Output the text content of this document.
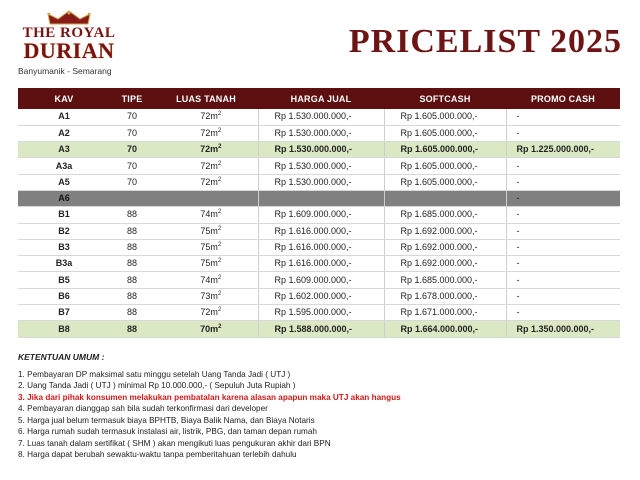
THE ROYAL
DURIAN
Banyumanik - Semarang
PRICELIST 2025
KAV	TIPE	LUAS TANAH	HARGA JUAL	SOFTCASH	PROMO CASH
A1	70	$72m^2$	Rp 1.530.000.000,-	Rp 1.605.000.000,-	-
A2	70	$72m^2$	Rp 1.530.000.000,-	Rp 1.605.000.000,-	-
A3	70	$72m^2$	Rp 1.530.000.000,-	Rp 1.605.000.000,-	Rp 1.225.000.000,-
A3a	70	$72m^2$	Rp 1.530.000.000,-	Rp 1.605.000.000,-	-
A5	70	$72m^2$	Rp 1.530.000.000,-	Rp 1.605.000.000,-	-
A6					-
B1	88	$74m^2$	Rp 1.609.000.000,-	Rp 1.685.000.000,-	-
B2	88	$75m^2$	Rp 1.616.000.000,-	Rp 1.692.000.000,-	-
B3	88	$75m^2$	Rp 1.616.000.000,-	Rp 1.692.000.000,-	-
B3a	88	$75m^2$	Rp 1.616.000.000,-	Rp 1.692.000.000,-	-
B5	88	$74m^2$	Rp 1.609.000.000,-	Rp 1.685.000.000,-	-
B6	88	$73m^2$	Rp 1.602.000.000,-	Rp 1.678.000.000,-	-
B7	88	$72m^2$	Rp 1.595.000.000,-	Rp 1.671.000.000,-	-
B8	88	$70m^2$	Rp 1.588.000.000,-	Rp 1.664.000.000,-	Rp 1.350.000.000,-
KETENTUAN UMUM :
1. Pembayaran DP maksimal satu minggu setelah Uang Tanda Jadi ( UTJ )
2. Uang Tanda Jadi ( UTJ ) minimal Rp 10.000.000,- ( Sepuluh Juta Rupiah )
3. Jika dari pihak konsumen melakukan pembatalan karena alasan apapun maka UTJ akan hangus
4. Pembayaran dianggap sah bila sudah terkonfirmasi dari developer
5. Harga jual belum termasuk biaya BPHTB, Biaya Balik Nama, dan Biaya Notaris
6. Harga rumah sudah termasuk instalasi air, listrik, PBG, dan taman depan rumah
7. Luas tanah dalam sertifikat ( SHM ) akan mengikuti luas pengukuran akhir dari BPN
8. Harga dapat berubah sewaktu-waktu tanpa pemberitahuan terlebih dahulu
